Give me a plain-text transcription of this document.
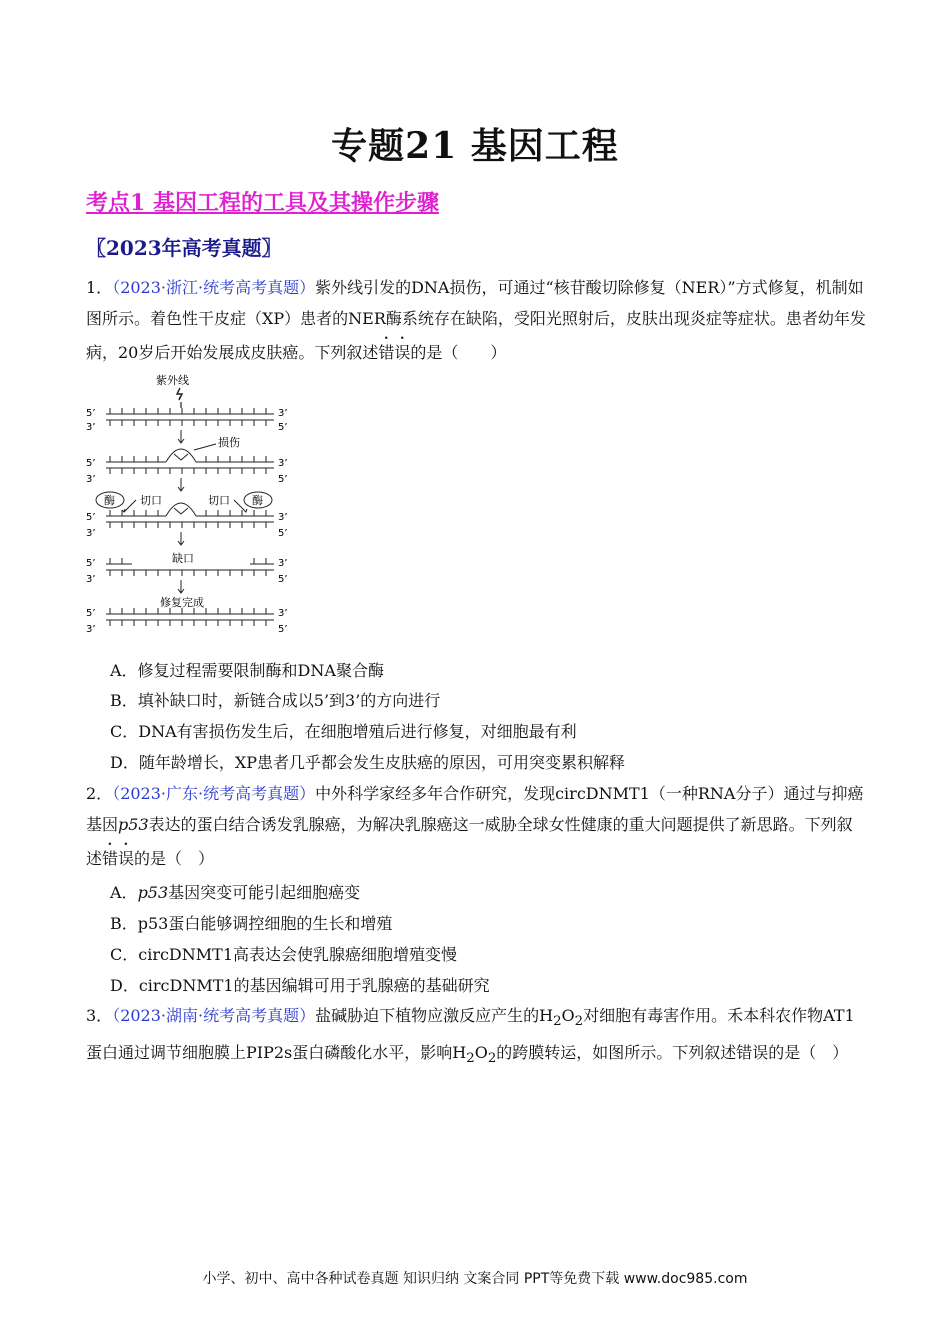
专题21 基因工程
考点1 基因工程的工具及其操作步骤
〖2023年高考真题〗
1．（2023·浙江·统考高考真题）紫外线引发的DNA损伤，可通过“核苷酸切除修复（NER）”方式修复，机制如图所示。着色性干皮症（XP）患者的NER酶系统存在缺陷，受阳光照射后，皮肤出现炎症等症状。患者幼年发病，20岁后开始发展成皮肤癌。下列叙述错误的是（　　）
紫外线
5’
3’
3’
5’
损伤
5’
3’
3’
5’
酶	酶
切口	切口
5’
3’
3’
5’
缺口
5’
3’
3’
5’
修复完成
5’
3’
3’
5’
A．修复过程需要限制酶和DNA聚合酶
B．填补缺口时，新链合成以5’到3’的方向进行
C．DNA有害损伤发生后，在细胞增殖后进行修复，对细胞最有利
D．随年龄增长，XP患者几乎都会发生皮肤癌的原因，可用突变累积解释
2．（2023·广东·统考高考真题）中外科学家经多年合作研究，发现circDNMT1（一种RNA分子）通过与抑癌基因p53表达的蛋白结合诱发乳腺癌，为解决乳腺癌这一威胁全球女性健康的重大问题提供了新思路。下列叙述错误的是（　）
A．p53基因突变可能引起细胞癌变
B．p53蛋白能够调控细胞的生长和增殖
C．circDNMT1高表达会使乳腺癌细胞增殖变慢
D．circDNMT1的基因编辑可用于乳腺癌的基础研究
3．（2023·湖南·统考高考真题）盐碱胁迫下植物应激反应产生的$H_2O_2$对细胞有毒害作用。禾本科农作物AT1蛋白通过调节细胞膜上PIP2s蛋白磷酸化水平，影响$H_2O_2$的跨膜转运，如图所示。下列叙述错误的是（　）
小学、初中、高中各种试卷真题 知识归纳 文案合同 PPT等免费下载 www.doc985.com
